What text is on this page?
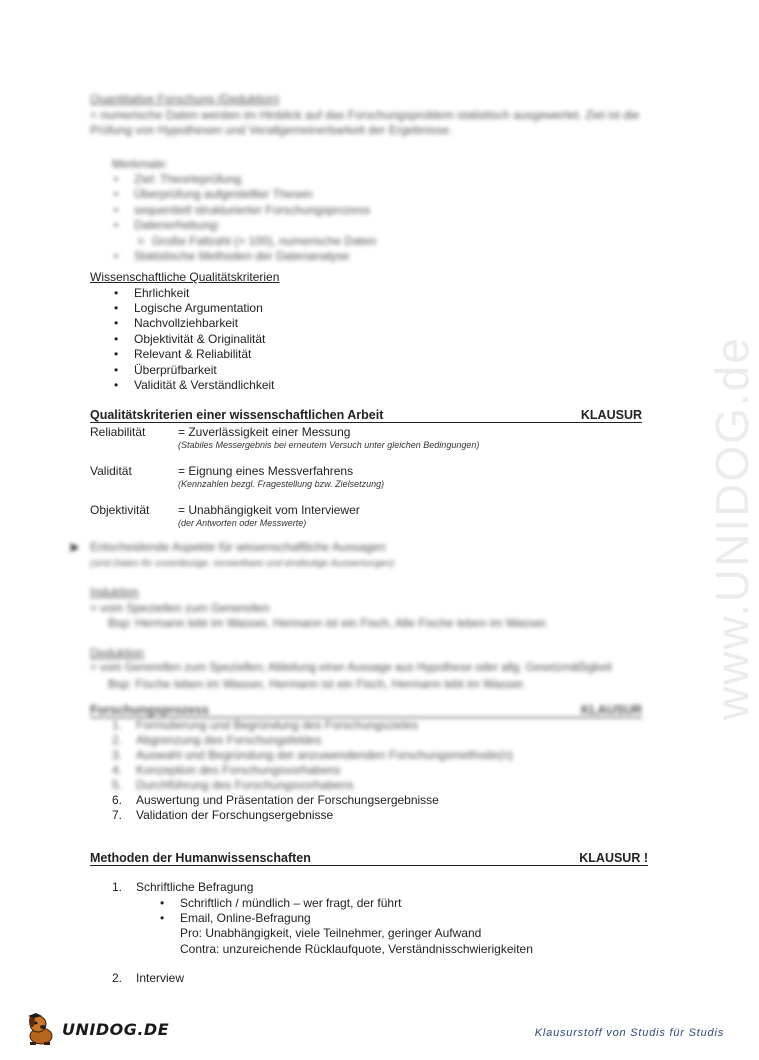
www.UNIDOG.de
Quantitative Forschung (Deduktion)
= numerische Daten werden im Hinblick auf das Forschungsproblem statistisch ausgewertet. Ziel ist die
Prüfung von Hypothesen und Verallgemeinerbarkeit der Ergebnisse.
Merkmale:
• Ziel: Theorieprüfung
• Überprüfung aufgestellter Thesen
• sequentiell strukturierter Forschungsprozess
• Datenerhebung:
o Große Fallzahl (> 100), numerische Daten
• Statistische Methoden der Datenanalyse
Wissenschaftliche Qualitätskriterien
• Ehrlichkeit
• Logische Argumentation
• Nachvollziehbarkeit
• Objektivität & Originalität
• Relevant & Reliabilität
• Überprüfbarkeit
• Validität & Verständlichkeit
Qualitätskriterien einer wissenschaftlichen Arbeit	KLAUSUR
Reliabilität	= Zuverlässigkeit einer Messung
(Stabiles Messergebnis bei erneutem Versuch unter gleichen Bedingungen)
Validität	= Eignung eines Messverfahrens
(Kennzahlen bezgl. Fragestellung bzw. Zielsetzung)
Objektivität	= Unabhängigkeit vom Interviewer
(der Antworten oder Messwerte)
➤ Entscheidende Aspekte für wissenschaftliche Aussagen
(sind Daten für zuverlässige, verwertbare und eindeutige Auswertungen)
Induktion
= vom Speziellen zum Generellen
Bsp: Hermann lebt im Wasser, Hermann ist ein Fisch, Alle Fische leben im Wasser.
Deduktion
= vom Generellen zum Speziellen; Ableitung einer Aussage aus Hypothese oder allg. Gesetzmäßigkeit
Bsp: Fische leben im Wasser, Hermann ist ein Fisch, Hermann lebt im Wasser.
Forschungsprozess	KLAUSUR
1. Formulierung und Begründung des Forschungszieles
2. Abgrenzung des Forschungsfeldes
3. Auswahl und Begründung der anzuwendenden Forschungsmethode(n)
4. Konzeption des Forschungsvorhabens
5. Durchführung des Forschungsvorhabens
6. Auswertung und Präsentation der Forschungsergebnisse
7. Validation der Forschungsergebnisse
Methoden der Humanwissenschaften	KLAUSUR !
1. Schriftliche Befragung
• Schriftlich / mündlich – wer fragt, der führt
• Email, Online-Befragung
Pro: Unabhängigkeit, viele Teilnehmer, geringer Aufwand
Contra: unzureichende Rücklaufquote, Verständnisschwierigkeiten
2. Interview
UNIDOG.DE	Klausurstoff von Studis für Studis
